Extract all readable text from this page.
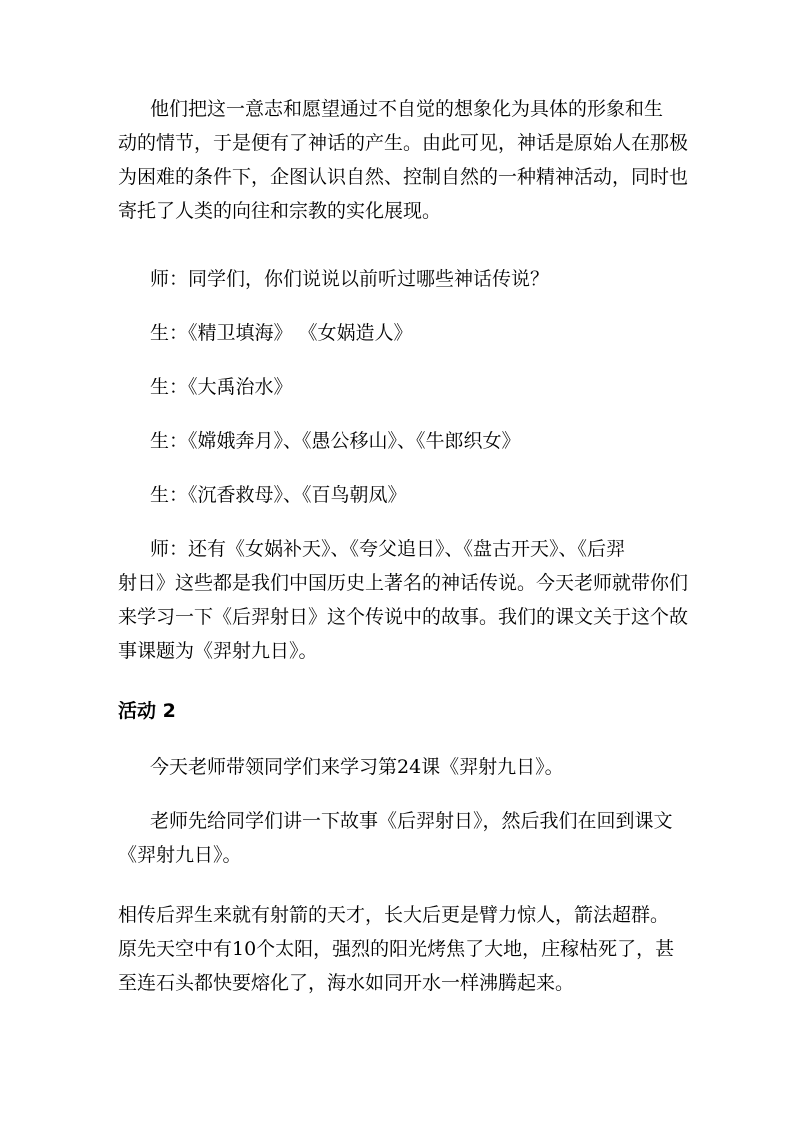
他们把这一意志和愿望通过不自觉的想象化为具体的形象和生
动的情节，于是便有了神话的产生。由此可见，神话是原始人在那极
为困难的条件下，企图认识自然、控制自然的一种精神活动，同时也
寄托了人类的向往和宗教的实化展现。
师：同学们，你们说说以前听过哪些神话传说？
生：《精卫填海》 《女娲造人》
生：《大禹治水》
生：《嫦娥奔月》、《愚公移山》、《牛郎织女》
生：《沉香救母》、《百鸟朝凤》
师：还有《女娲补天》、《夸父追日》、《盘古开天》、《后羿
射日》这些都是我们中国历史上著名的神话传说。今天老师就带你们
来学习一下《后羿射日》这个传说中的故事。我们的课文关于这个故
事课题为《羿射九日》。
活动 2
今天老师带领同学们来学习第24课《羿射九日》。
老师先给同学们讲一下故事《后羿射日》，然后我们在回到课文
《羿射九日》。
相传后羿生来就有射箭的天才，长大后更是臂力惊人，箭法超群。
原先天空中有10个太阳，强烈的阳光烤焦了大地，庄稼枯死了，甚
至连石头都快要熔化了，海水如同开水一样沸腾起来。
